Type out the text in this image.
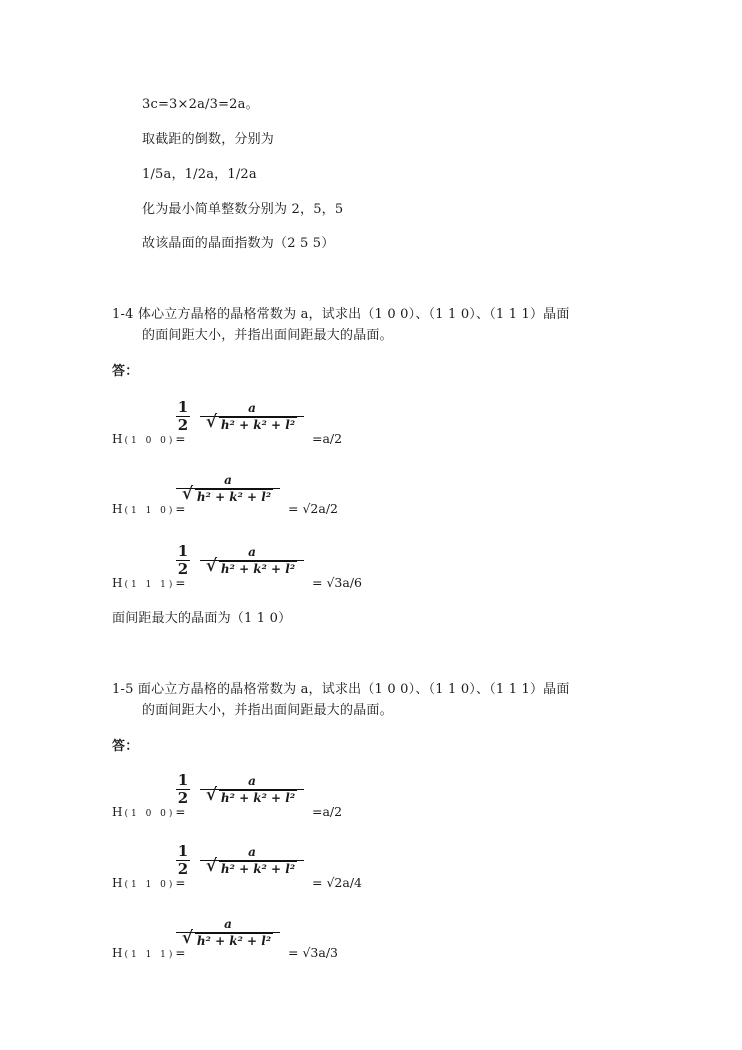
3c=3×2a/3=2a。
取截距的倒数，分别为
1/5a，1/2a，1/2a
化为最小简单整数分别为 2，5，5
故该晶面的晶面指数为（2 5 5）
1-4 体心立方晶格的晶格常数为 a，试求出（1 0 0）、（1 1 0）、（1 1 1）晶面
的面间距大小，并指出面间距最大的晶面。
答：
H (1 0 0)=
$\frac{1}{2}$ a
√ h² + k² + l²
=a/2
H (1 1 0)=
a
√ h² + k² + l²
= √2a/2
H (1 1 1)=
$\frac{1}{2}$ a
√ h² + k² + l²
= √3a/6
面间距最大的晶面为（1 1 0）
1-5 面心立方晶格的晶格常数为 a，试求出（1 0 0）、（1 1 0）、（1 1 1）晶面
的面间距大小，并指出面间距最大的晶面。
答：
H (1 0 0)=
$\frac{1}{2}$ a
√ h² + k² + l²
=a/2
H (1 1 0)=
$\frac{1}{2}$ a
√ h² + k² + l²
= √2a/4
H (1 1 1)=
a
√ h² + k² + l²
= √3a/3
